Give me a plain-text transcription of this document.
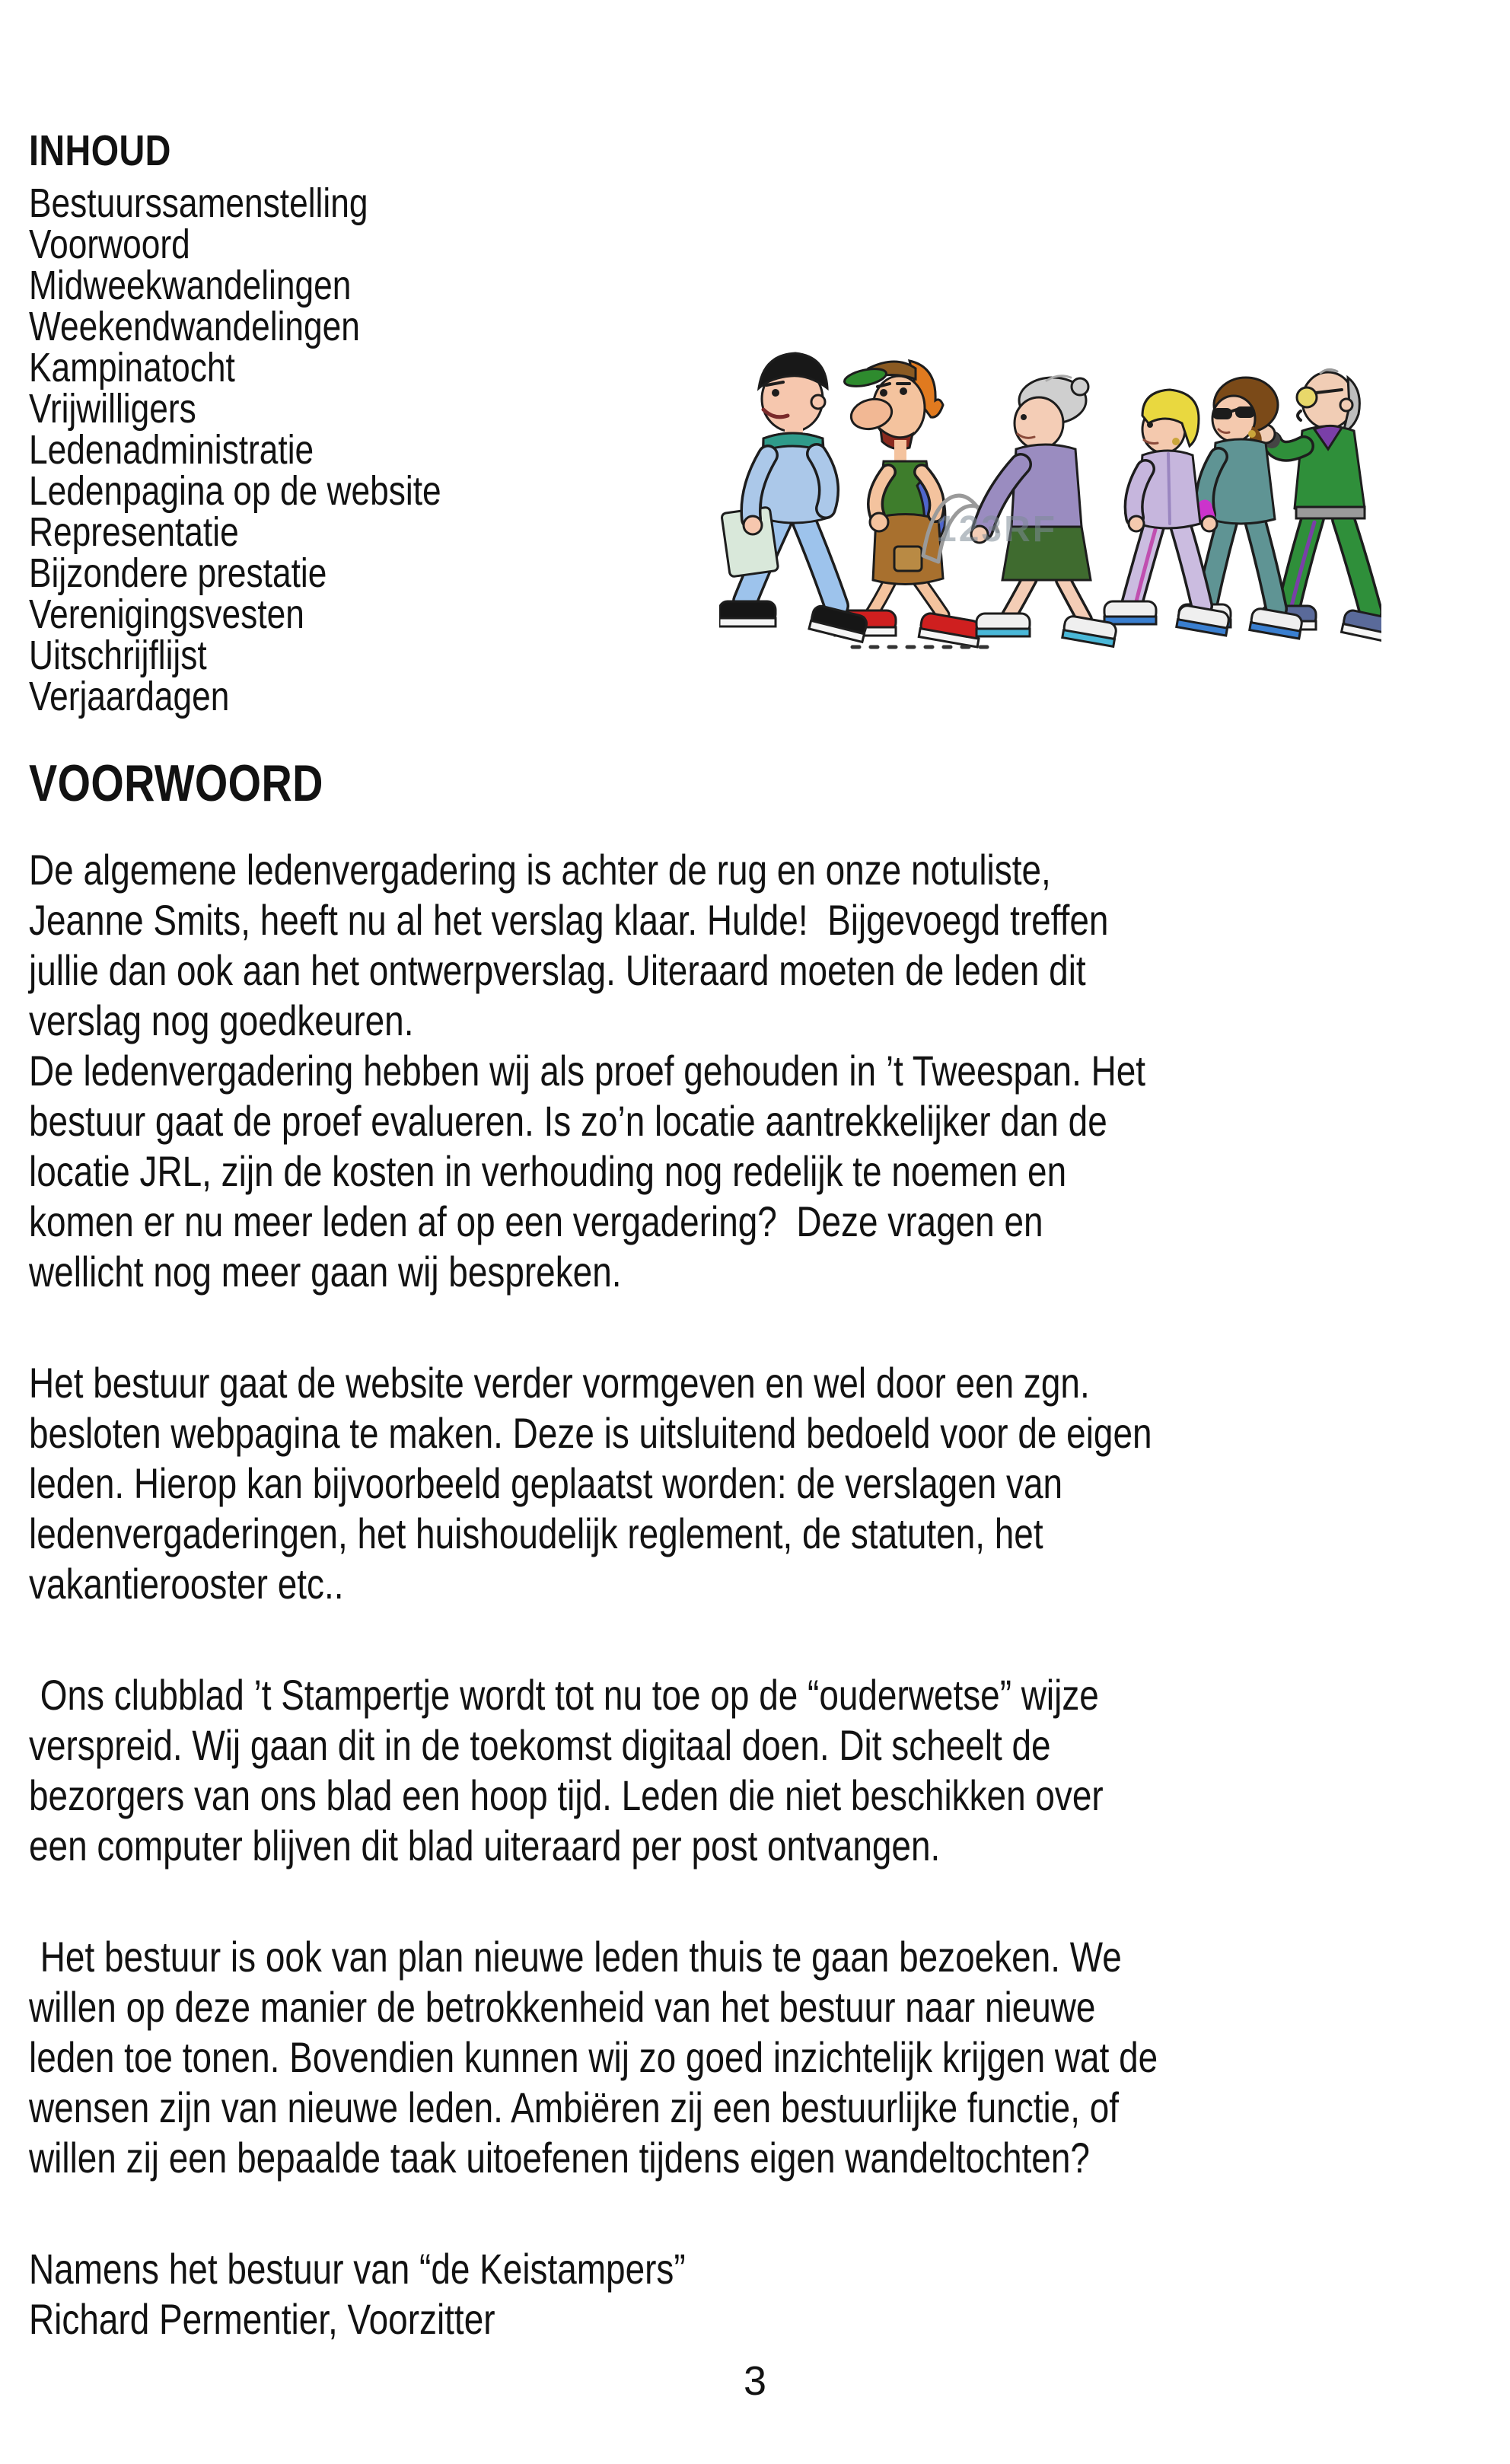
INHOUD
Bestuurssamenstelling
Voorwoord
Midweekwandelingen
Weekendwandelingen
Kampinatocht
Vrijwilligers
Ledenadministratie
Ledenpagina op de website
Representatie
Bijzondere prestatie
Verenigingsvesten
Uitschrijflijst
Verjaardagen
VOORWOORD
De algemene ledenvergadering is achter de rug en onze notuliste,
Jeanne Smits, heeft nu al het verslag klaar. Hulde!  Bijgevoegd treffen
jullie dan ook aan het ontwerpverslag. Uiteraard moeten de leden dit
verslag nog goedkeuren.
De ledenvergadering hebben wij als proef gehouden in ’t Tweespan. Het
bestuur gaat de proef evalueren. Is zo’n locatie aantrekkelijker dan de
locatie JRL, zijn de kosten in verhouding nog redelijk te noemen en
komen er nu meer leden af op een vergadering?  Deze vragen en
wellicht nog meer gaan wij bespreken.
Het bestuur gaat de website verder vormgeven en wel door een zgn.
besloten webpagina te maken. Deze is uitsluitend bedoeld voor de eigen
leden. Hierop kan bijvoorbeeld geplaatst worden: de verslagen van
ledenvergaderingen, het huishoudelijk reglement, de statuten, het
vakantierooster etc..
Ons clubblad ’t Stampertje wordt tot nu toe op de “ouderwetse” wijze
verspreid. Wij gaan dit in de toekomst digitaal doen. Dit scheelt de
bezorgers van ons blad een hoop tijd. Leden die niet beschikken over
een computer blijven dit blad uiteraard per post ontvangen.
Het bestuur is ook van plan nieuwe leden thuis te gaan bezoeken. We
willen op deze manier de betrokkenheid van het bestuur naar nieuwe
leden toe tonen. Bovendien kunnen wij zo goed inzichtelijk krijgen wat de
wensen zijn van nieuwe leden. Ambiëren zij een bestuurlijke functie, of
willen zij een bepaalde taak uitoefenen tijdens eigen wandeltochten?
Namens het bestuur van “de Keistampers”
Richard Permentier, Voorzitter
123RF
3
